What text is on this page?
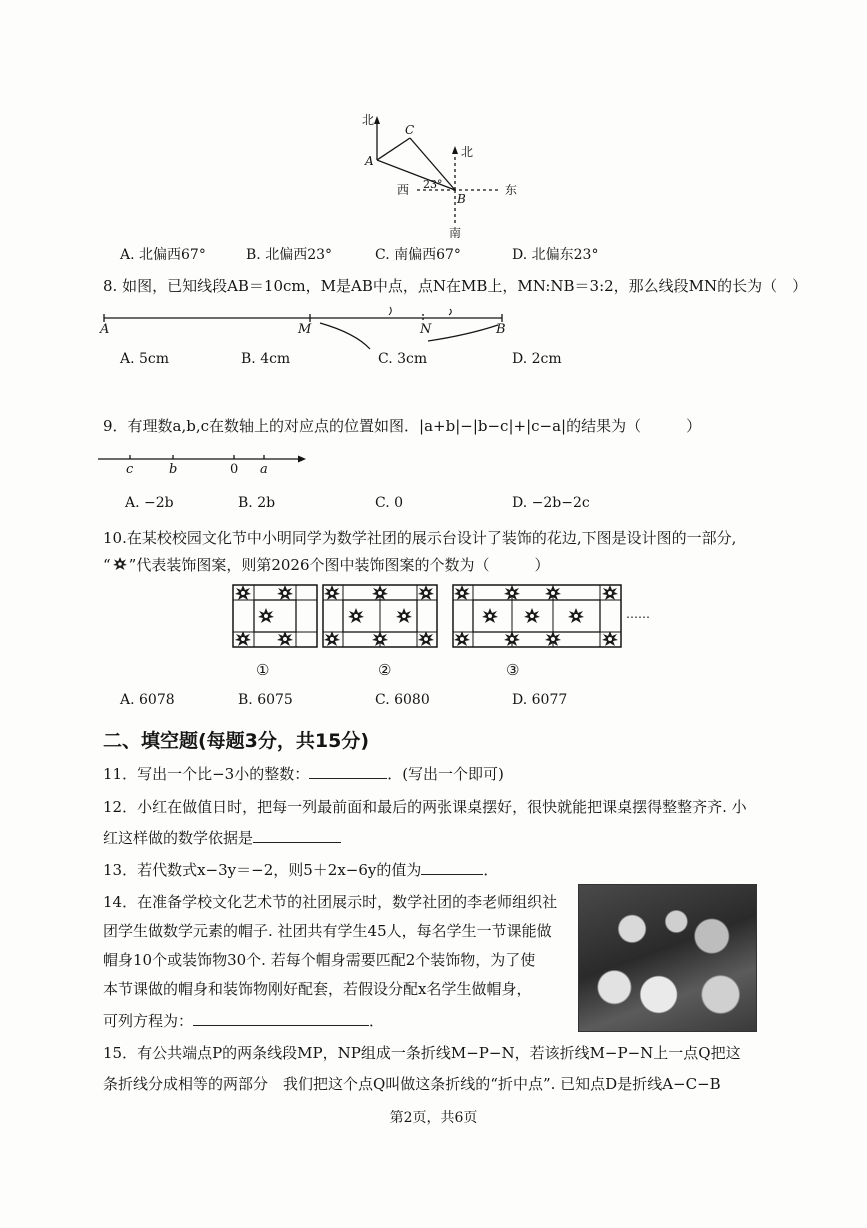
北
北
南
西	东
23°
A
C
B
A. 北偏西67°	B. 北偏西23°	C. 南偏西67°	D. 北偏东23°
8. 如图，已知线段AB＝10cm，M是AB中点，点N在MB上，MN:NB＝3:2，那么线段MN的长为（　）
A	M	N	B
A. 5cm	B. 4cm	C. 3cm	D. 2cm
9．有理数a,b,c在数轴上的对应点的位置如图．|a+b|−|b−c|+|c−a|的结果为（　　　）
c	b	0 a
A. −2b	B. 2b	C. 0	D. −2b−2c
10.在某校校园文化节中小明同学为数学社团的展示台设计了装饰的花边,下图是设计图的一部分,
“ ”代表装饰图案，则第2026个图中装饰图案的个数为（　　　）
……
①	②	③
A. 6078	B. 6075	C. 6080	D. 6077
二、填空题(每题3分，共15分)
11．写出一个比−3小的整数：	．(写出一个即可)
12．小红在做值日时，把每一列最前面和最后的两张课桌摆好，很快就能把课桌摆得整整齐齐. 小
红这样做的数学依据是
13．若代数式x−3y＝−2，则5＋2x−6y的值为	．
14．在准备学校文化艺术节的社团展示时，数学社团的李老师组织社
团学生做数学元素的帽子. 社团共有学生45人，每名学生一节课能做
帽身10个或装饰物30个. 若每个帽身需要匹配2个装饰物，为了使
本节课做的帽身和装饰物刚好配套，若假设分配x名学生做帽身，
可列方程为：	．
15．有公共端点P的两条线段MP，NP组成一条折线M−P−N，若该折线M−P−N上一点Q把这
条折线分成相等的两部分　我们把这个点Q叫做这条折线的“折中点”. 已知点D是折线A−C−B
第2页，共6页
